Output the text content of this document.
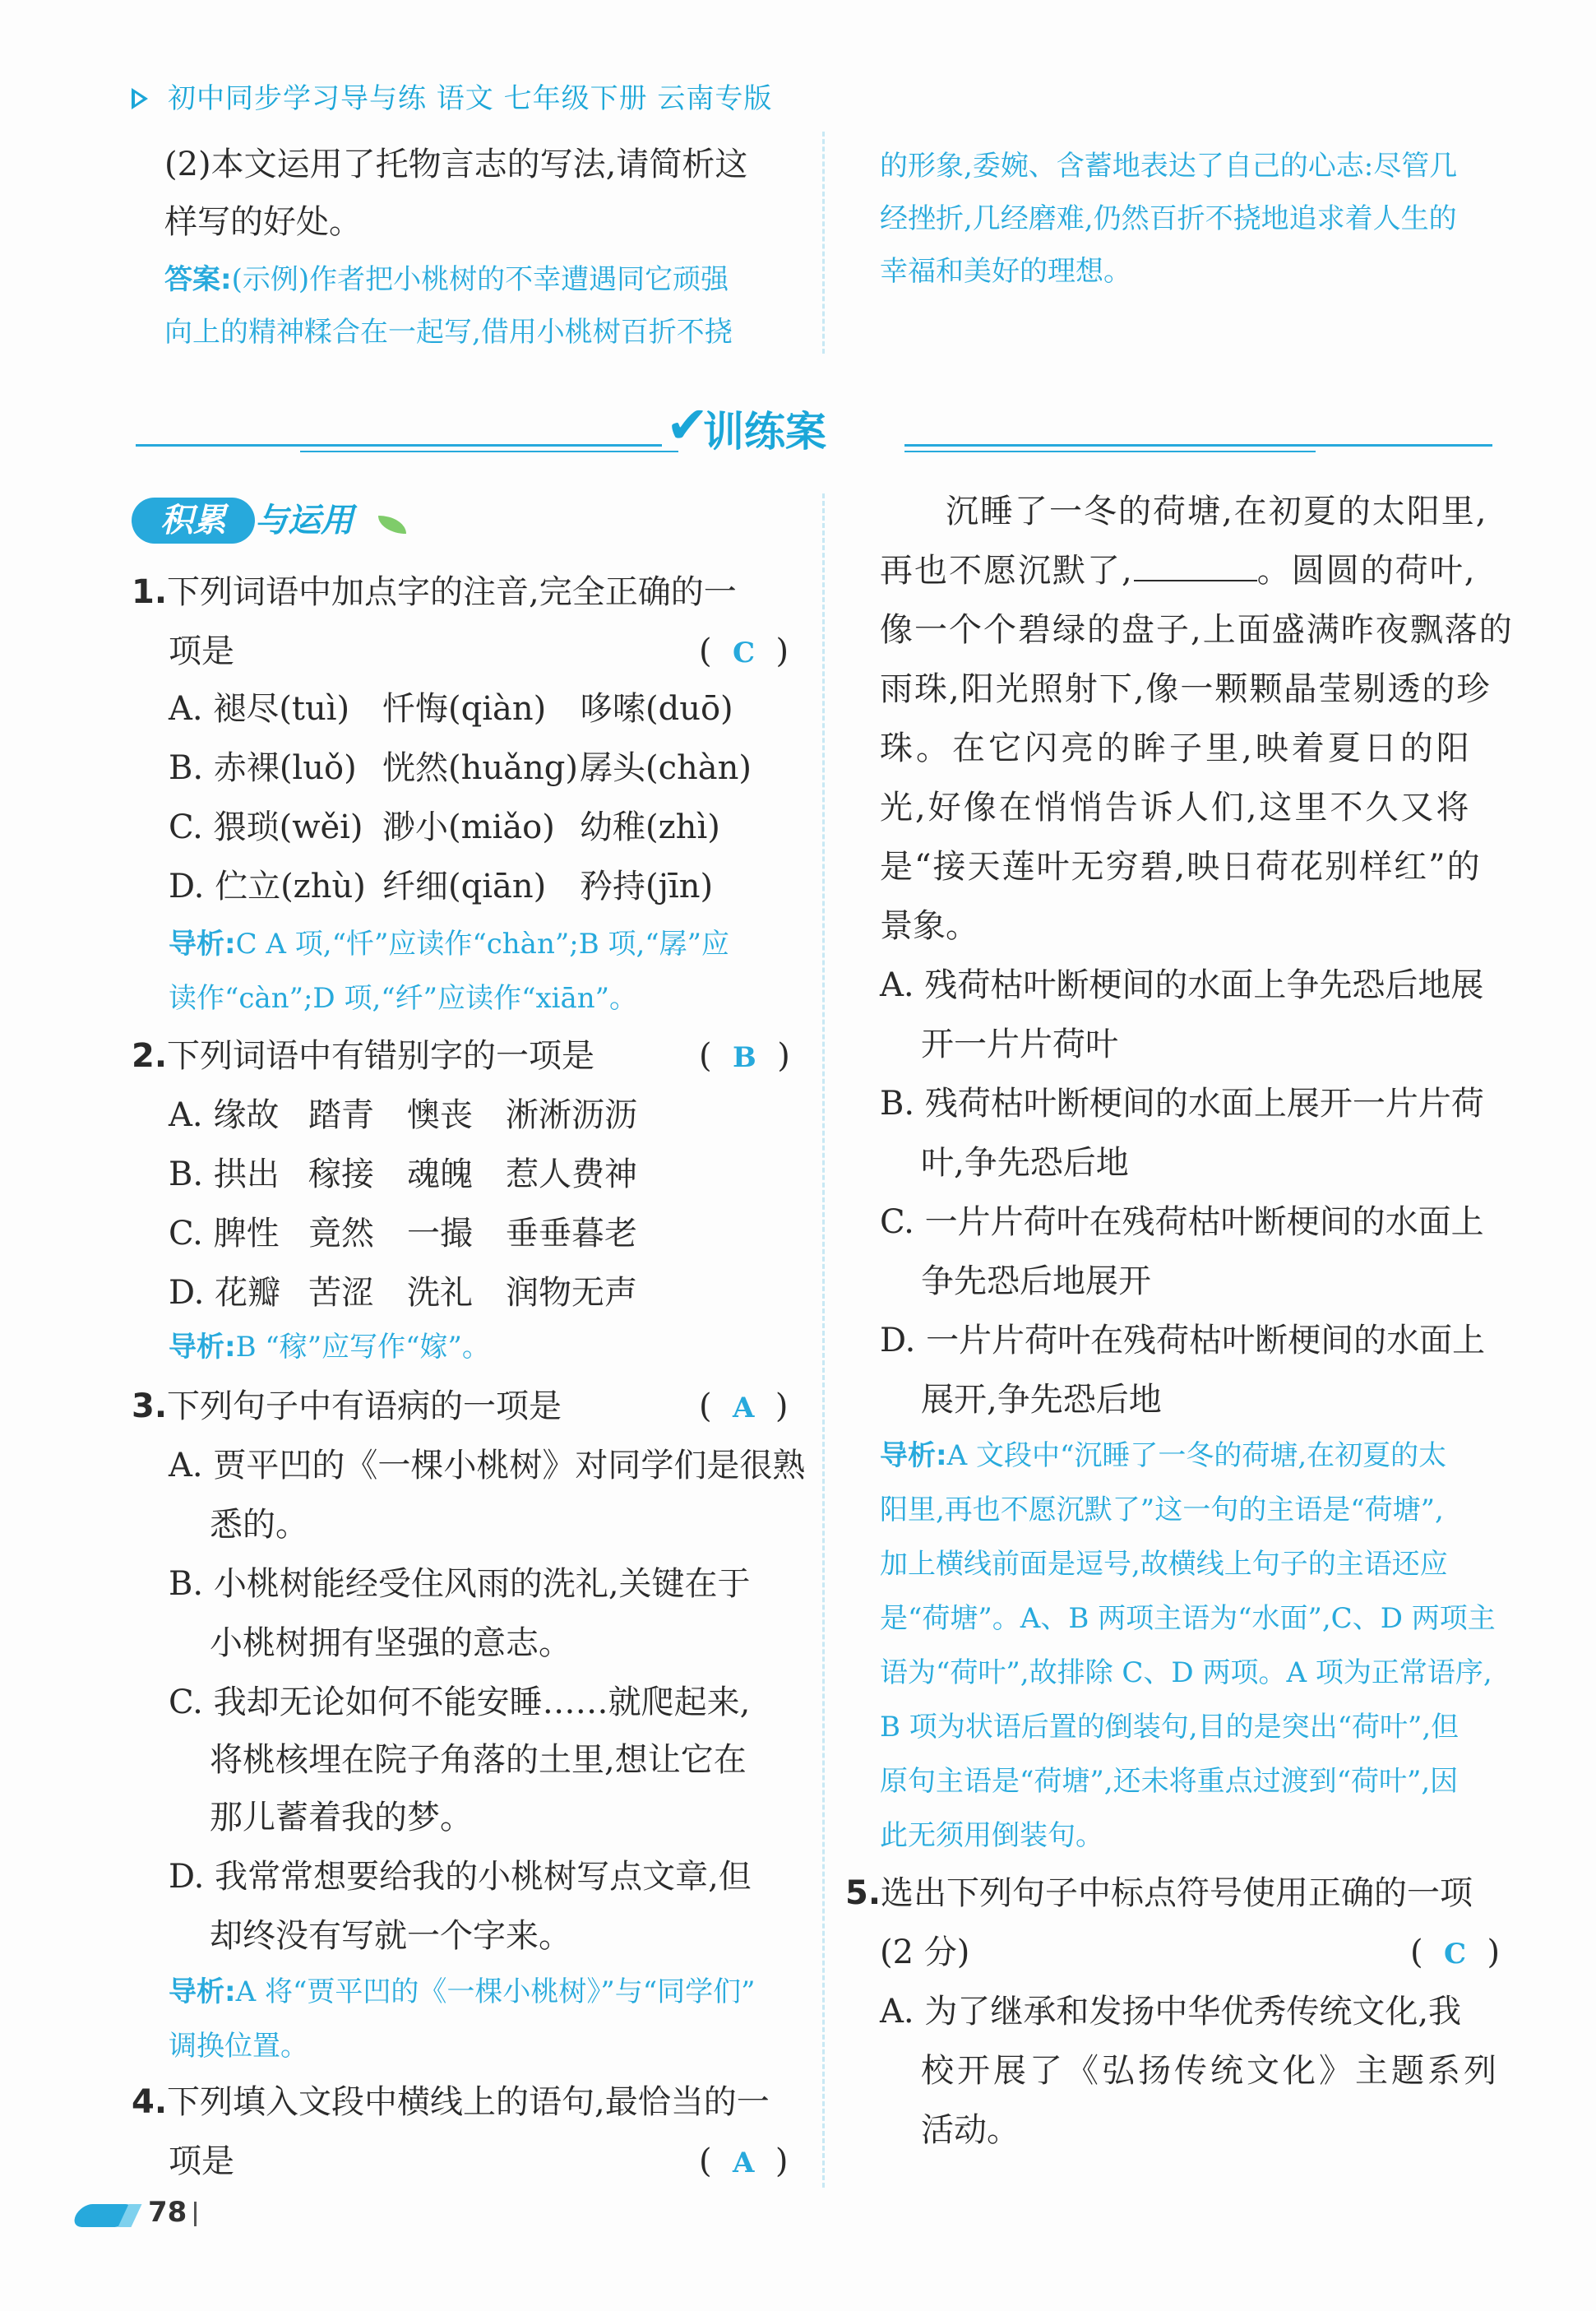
初中同步学习导与练 语文 七年级下册 云南专版
(2)本文运用了托物言志的写法,请简析这
样写的好处。
答案:(示例)作者把小桃树的不幸遭遇同它顽强
向上的精神糅合在一起写,借用小桃树百折不挠
的形象,委婉、含蓄地表达了自己的心志:尽管几
经挫折,几经磨难,仍然百折不挠地追求着人生的
幸福和美好的理想。
✔
训练案
积累 与运用
1.下列词语中加点字的注音,完全正确的一
项是	(  C  )
A. 褪尽(tuì) 忏悔(qiàn) 哆嗦(duō)
B. 赤裸(luǒ) 恍然(huǎng) 孱头(chàn)
C. 猥琐(wěi) 渺小(miǎo) 幼稚(zhì)
D. 伫立(zhù) 纤细(qiān) 矜持(jīn)
导析:C A 项,“忏”应读作“chàn”;B 项,“孱”应
读作“càn”;D 项,“纤”应读作“xiān”。
2.下列词语中有错别字的一项是	(  B  )
A. 缘故 踏青 懊丧 淅淅沥沥
B. 拱出 稼接 魂魄 惹人费神
C. 脾性 竟然 一撮 垂垂暮老
D. 花瓣 苦涩 洗礼 润物无声
导析:B “稼”应写作“嫁”。
3.下列句子中有语病的一项是	(  A  )
A. 贾平凹的《一棵小桃树》对同学们是很熟
悉的。
B. 小桃树能经受住风雨的洗礼,关键在于
小桃树拥有坚强的意志。
C. 我却无论如何不能安睡……就爬起来,
将桃核埋在院子角落的土里,想让它在
那儿蓄着我的梦。
D. 我常常想要给我的小桃树写点文章,但
却终没有写就一个字来。
导析:A 将“贾平凹的《一棵小桃树》”与“同学们”
调换位置。
4.下列填入文段中横线上的语句,最恰当的一
项是	(  A  )
沉睡了一冬的荷塘,在初夏的太阳里,
再也不愿沉默了,	。圆圆的荷叶,
像一个个碧绿的盘子,上面盛满昨夜飘落的
雨珠,阳光照射下,像一颗颗晶莹剔透的珍
珠。在它闪亮的眸子里,映着夏日的阳
光,好像在悄悄告诉人们,这里不久又将
是“接天莲叶无穷碧,映日荷花别样红”的
景象。
A. 残荷枯叶断梗间的水面上争先恐后地展
开一片片荷叶
B. 残荷枯叶断梗间的水面上展开一片片荷
叶,争先恐后地
C. 一片片荷叶在残荷枯叶断梗间的水面上
争先恐后地展开
D. 一片片荷叶在残荷枯叶断梗间的水面上
展开,争先恐后地
导析:A 文段中“沉睡了一冬的荷塘,在初夏的太
阳里,再也不愿沉默了”这一句的主语是“荷塘”,
加上横线前面是逗号,故横线上句子的主语还应
是“荷塘”。A、B 两项主语为“水面”,C、D 两项主
语为“荷叶”,故排除 C、D 两项。A 项为正常语序,
B 项为状语后置的倒装句,目的是突出“荷叶”,但
原句主语是“荷塘”,还未将重点过渡到“荷叶”,因
此无须用倒装句。
5.选出下列句子中标点符号使用正确的一项
(2 分)	(  C  )
A. 为了继承和发扬中华优秀传统文化,我
校开展了《弘扬传统文化》主题系列
活动。
78
